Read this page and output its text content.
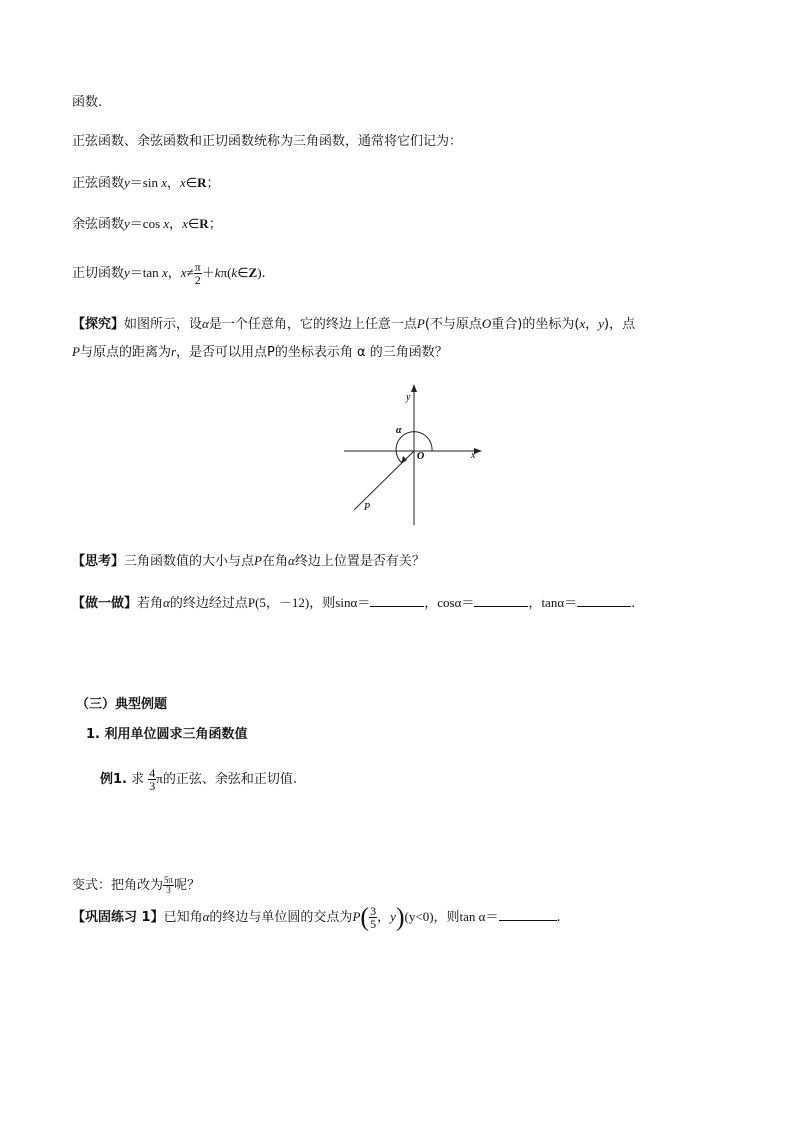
函数.
正弦函数、余弦函数和正切函数统称为三角函数，通常将它们记为：
正弦函数y＝sin x，x∈R；
余弦函数y＝cos x，x∈R；
正切函数y＝tan x，$x\ne \frac{\pi}{2}$ ＋kπ(k∈Z).
【探究】如图所示，设α是一个任意角，它的终边上任意一点P(不与原点O重合)的坐标为(x，y)，点
P与原点的距离为r，是否可以用点P的坐标表示角 α 的三角函数？
y
x
O
α
P
【思考】三角函数值的大小与点P在角α终边上位置是否有关？
【做一做】若角α的终边经过点P(5，－12)，则sinα＝	，cosα＝	，tanα＝	.
（三）典型例题
1. 利用单位圆求三角函数值
例1. 求 $\frac{4}{3}$ π的正弦、余弦和正切值.
变式：把角改为 $\frac{5\pi}{3}$ 呢？
【巩固练习 1】已知角α的终边与单位圆的交点为$P( \frac{3}{5}$ ，y)(y<0)，则tan α＝	.
